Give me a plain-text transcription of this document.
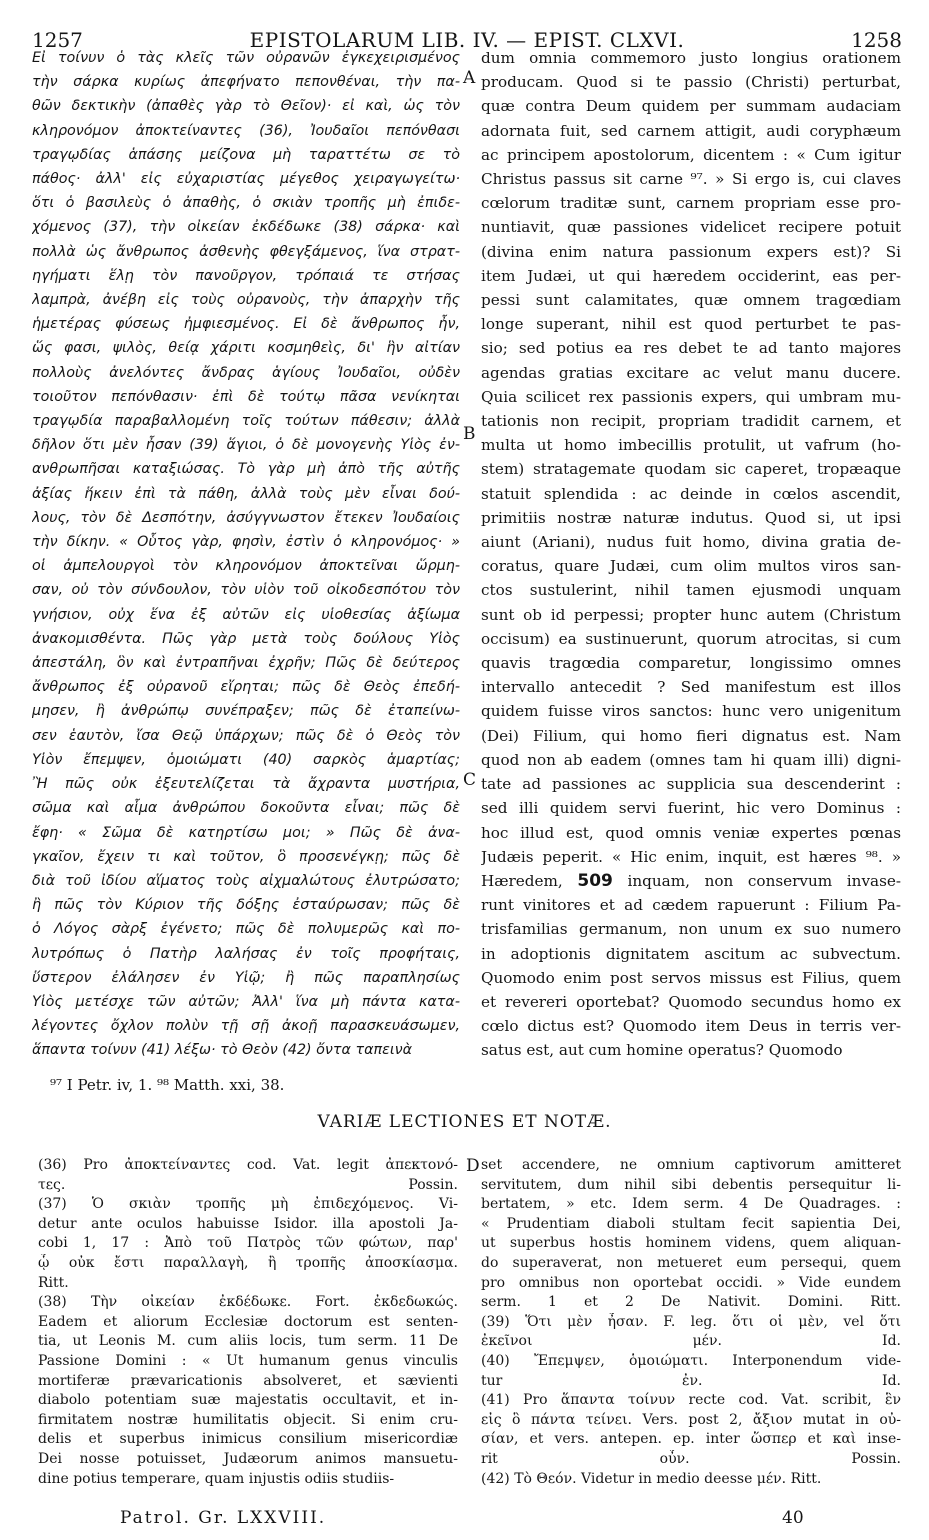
1257	EPISTOLARUM LIB. IV. — EPIST. CLXVI.	1258
Εἰ τοίνυν ὁ τὰς κλεῖς τῶν οὐρανῶν ἐγκεχειρισμένος
τὴν σάρκα κυρίως ἀπεφήνατο πεπονθέναι, τὴν πα-
θῶν δεκτικὴν (ἀπαθὲς γὰρ τὸ Θεῖον)· εἰ καὶ, ὡς τὸν
κληρονόμον ἀποκτείναντες (36), Ἰουδαῖοι πεπόνθασι
τραγῳδίας ἁπάσης μείζονα μὴ ταραττέτω σε τὸ
πάθος· ἀλλ' εἰς εὐχαριστίας μέγεθος χειραγωγείτω·
ὅτι ὁ βασιλεὺς ὁ ἀπαθὴς, ὁ σκιὰν τροπῆς μὴ ἐπιδε-
χόμενος (37), τὴν οἰκείαν ἐκδέδωκε (38) σάρκα· καὶ
πολλὰ ὡς ἄνθρωπος ἀσθενὴς φθεγξάμενος, ἵνα στρατ-
ηγήματι ἕλῃ τὸν πανοῦργον, τρόπαιά τε στήσας
λαμπρὰ, ἀνέβη εἰς τοὺς οὐρανοὺς, τὴν ἀπαρχὴν τῆς
ἡμετέρας φύσεως ἠμφιεσμένος. Εἰ δὲ ἄνθρωπος ἦν,
ὥς φασι, ψιλὸς, θείᾳ χάριτι κοσμηθεὶς, δι' ἣν αἰτίαν
πολλοὺς ἀνελόντες ἄνδρας ἁγίους Ἰουδαῖοι, οὐδὲν
τοιοῦτον πεπόνθασιν· ἐπὶ δὲ τούτῳ πᾶσα νενίκηται
τραγῳδία παραβαλλομένη τοῖς τούτων πάθεσιν; ἀλλὰ
δῆλον ὅτι μὲν ἦσαν (39) ἅγιοι, ὁ δὲ μονογενὴς Υἱὸς ἐν-
ανθρωπῆσαι καταξιώσας. Τὸ γὰρ μὴ ἀπὸ τῆς αὐτῆς
ἀξίας ἥκειν ἐπὶ τὰ πάθη, ἀλλὰ τοὺς μὲν εἶναι δού-
λους, τὸν δὲ Δεσπότην, ἀσύγγνωστον ἔτεκεν Ἰουδαίοις
τὴν δίκην. « Οὗτος γὰρ, φησὶν, ἐστὶν ὁ κληρονόμος· »
οἱ ἀμπελουργοὶ τὸν κληρονόμον ἀποκτεῖναι ὥρμη-
σαν, οὐ τὸν σύνδουλον, τὸν υἱὸν τοῦ οἰκοδεσπότου τὸν
γνήσιον, οὐχ ἕνα ἐξ αὐτῶν εἰς υἱοθεσίας ἀξίωμα
ἀνακομισθέντα. Πῶς γὰρ μετὰ τοὺς δούλους Υἱὸς
ἀπεστάλη, ὃν καὶ ἐντραπῆναι ἐχρῆν; Πῶς δὲ δεύτερος
ἄνθρωπος ἐξ οὐρανοῦ εἴρηται; πῶς δὲ Θεὸς ἐπεδή-
μησεν, ἢ ἀνθρώπῳ συνέπραξεν; πῶς δὲ ἐταπείνω-
σεν ἑαυτὸν, ἴσα Θεῷ ὑπάρχων; πῶς δὲ ὁ Θεὸς τὸν
Υἱὸν ἔπεμψεν, ὁμοιώματι (40) σαρκὸς ἁμαρτίας;
Ἢ πῶς οὐκ ἐξευτελίζεται τὰ ἄχραντα μυστήρια,
σῶμα καὶ αἷμα ἀνθρώπου δοκοῦντα εἶναι; πῶς δὲ
ἔφη· « Σῶμα δὲ κατηρτίσω μοι; » Πῶς δὲ ἀνα-
γκαῖον, ἔχειν τι καὶ τοῦτον, ὃ προσενέγκῃ; πῶς δὲ
διὰ τοῦ ἰδίου αἵματος τοὺς αἰχμαλώτους ἐλυτρώσατο;
ἢ πῶς τὸν Κύριον τῆς δόξης ἐσταύρωσαν; πῶς δὲ
ὁ Λόγος σὰρξ ἐγένετο; πῶς δὲ πολυμερῶς καὶ πο-
λυτρόπως ὁ Πατὴρ λαλήσας ἐν τοῖς προφήταις,
ὕστερον ἐλάλησεν ἐν Υἱῷ; ἢ πῶς παραπλησίως
Υἱὸς μετέσχε τῶν αὐτῶν; Ἀλλ' ἵνα μὴ πάντα κατα-
λέγοντες ὄχλον πολὺν τῇ σῇ ἀκοῇ παρασκευάσωμεν,
ἅπαντα τοίνυν (41) λέξω· τὸ Θεὸν (42) ὄντα ταπεινὰ
dum omnia commemoro justo longius orationem
producam. Quod si te passio (Christi) perturbat,
quæ contra Deum quidem per summam audaciam
adornata fuit, sed carnem attigit, audi coryphæum
ac principem apostolorum, dicentem : « Cum igitur
Christus passus sit carne ⁹⁷. » Si ergo is, cui claves
cœlorum traditæ sunt, carnem propriam esse pro-
nuntiavit, quæ passiones videlicet recipere potuit
(divina enim natura passionum expers est)? Si
item Judæi, ut qui hæredem occiderint, eas per-
pessi sunt calamitates, quæ omnem tragœdiam
longe superant, nihil est quod perturbet te pas-
sio; sed potius ea res debet te ad tanto majores
agendas gratias excitare ac velut manu ducere.
Quia scilicet rex passionis expers, qui umbram mu-
tationis non recipit, propriam tradidit carnem, et
multa ut homo imbecillis protulit, ut vafrum (ho-
stem) stratagemate quodam sic caperet, tropæaque
statuit splendida : ac deinde in cœlos ascendit,
primitiis nostræ naturæ indutus. Quod si, ut ipsi
aiunt (Ariani), nudus fuit homo, divina gratia de-
coratus, quare Judæi, cum olim multos viros san-
ctos sustulerint, nihil tamen ejusmodi unquam
sunt ob id perpessi; propter hunc autem (Christum
occisum) ea sustinuerunt, quorum atrocitas, si cum
quavis tragœdia comparetur, longissimo omnes
intervallo antecedit ? Sed manifestum est illos
quidem fuisse viros sanctos: hunc vero unigenitum
(Dei) Filium, qui homo fieri dignatus est. Nam
quod non ab eadem (omnes tam hi quam illi) digni-
tate ad passiones ac supplicia sua descenderint :
sed illi quidem servi fuerint, hic vero Dominus :
hoc illud est, quod omnis veniæ expertes pœnas
Judæis peperit. « Hic enim, inquit, est hæres ⁹⁸. »
Hæredem, 509 inquam, non conservum invase-
runt vinitores et ad cædem rapuerunt : Filium Pa-
trisfamilias germanum, non unum ex suo numero
in adoptionis dignitatem ascitum ac subvectum.
Quomodo enim post servos missus est Filius, quem
et revereri oportebat? Quomodo secundus homo ex
cœlo dictus est? Quomodo item Deus in terris ver-
satus est, aut cum homine operatus? Quomodo
A
B
C
D
⁹⁷ I Petr. iv, 1. ⁹⁸ Matth. xxi, 38.
VARIÆ LECTIONES ET NOTÆ.
(36) Pro ἀποκτείναντες cod. Vat. legit ἀπεκτονό-
τες. Possin.
(37) Ὁ σκιὰν τροπῆς μὴ ἐπιδεχόμενος. Vi-
detur ante oculos habuisse Isidor. illa apostoli Ja-
cobi 1, 17 : Ἀπὸ τοῦ Πατρὸς τῶν φώτων, παρ'
ᾧ οὐκ ἔστι παραλλαγὴ, ἢ τροπῆς ἀποσκίασμα.
Ritt.
(38) Τὴν οἰκείαν ἐκδέδωκε. Fort. ἐκδεδωκώς.
Eadem et aliorum Ecclesiæ doctorum est senten-
tia, ut Leonis M. cum aliis locis, tum serm. 11 De
Passione Domini : « Ut humanum genus vinculis
mortiferæ prævaricationis absolveret, et sævienti
diabolo potentiam suæ majestatis occultavit, et in-
firmitatem nostræ humilitatis objecit. Si enim cru-
delis et superbus inimicus consilium misericordiæ
Dei nosse potuisset, Judæorum animos mansuetu-
dine potius temperare, quam injustis odiis studiis-
set accendere, ne omnium captivorum amitteret
servitutem, dum nihil sibi debentis persequitur li-
bertatem, » etc. Idem serm. 4 De Quadrages. :
« Prudentiam diaboli stultam fecit sapientia Dei,
ut superbus hostis hominem videns, quem aliquan-
do superaverat, non metueret eum persequi, quem
pro omnibus non oportebat occidi. » Vide eundem
serm. 1 et 2 De Nativit. Domini. Ritt.
(39) Ὅτι μὲν ἦσαν. F. leg. ὅτι οἱ μὲν, vel ὅτι
ἐκεῖνοι μέν. Id.
(40) Ἔπεμψεν, ὁμοιώματι. Interponendum vide-
tur ἐν. Id.
(41) Pro ἅπαντα τοίνυν recte cod. Vat. scribit, ἓν
εἰς ὃ πάντα τείνει. Vers. post 2, ἄξιον mutat in οὐ-
σίαν, et vers. antepen. ep. inter ὥσπερ et καὶ inse-
rit οὖν. Possin.
(42) Τὸ Θεόν. Videtur in medio deesse μέν. Ritt.
Patrol. Gr. LXXVIII.	40
